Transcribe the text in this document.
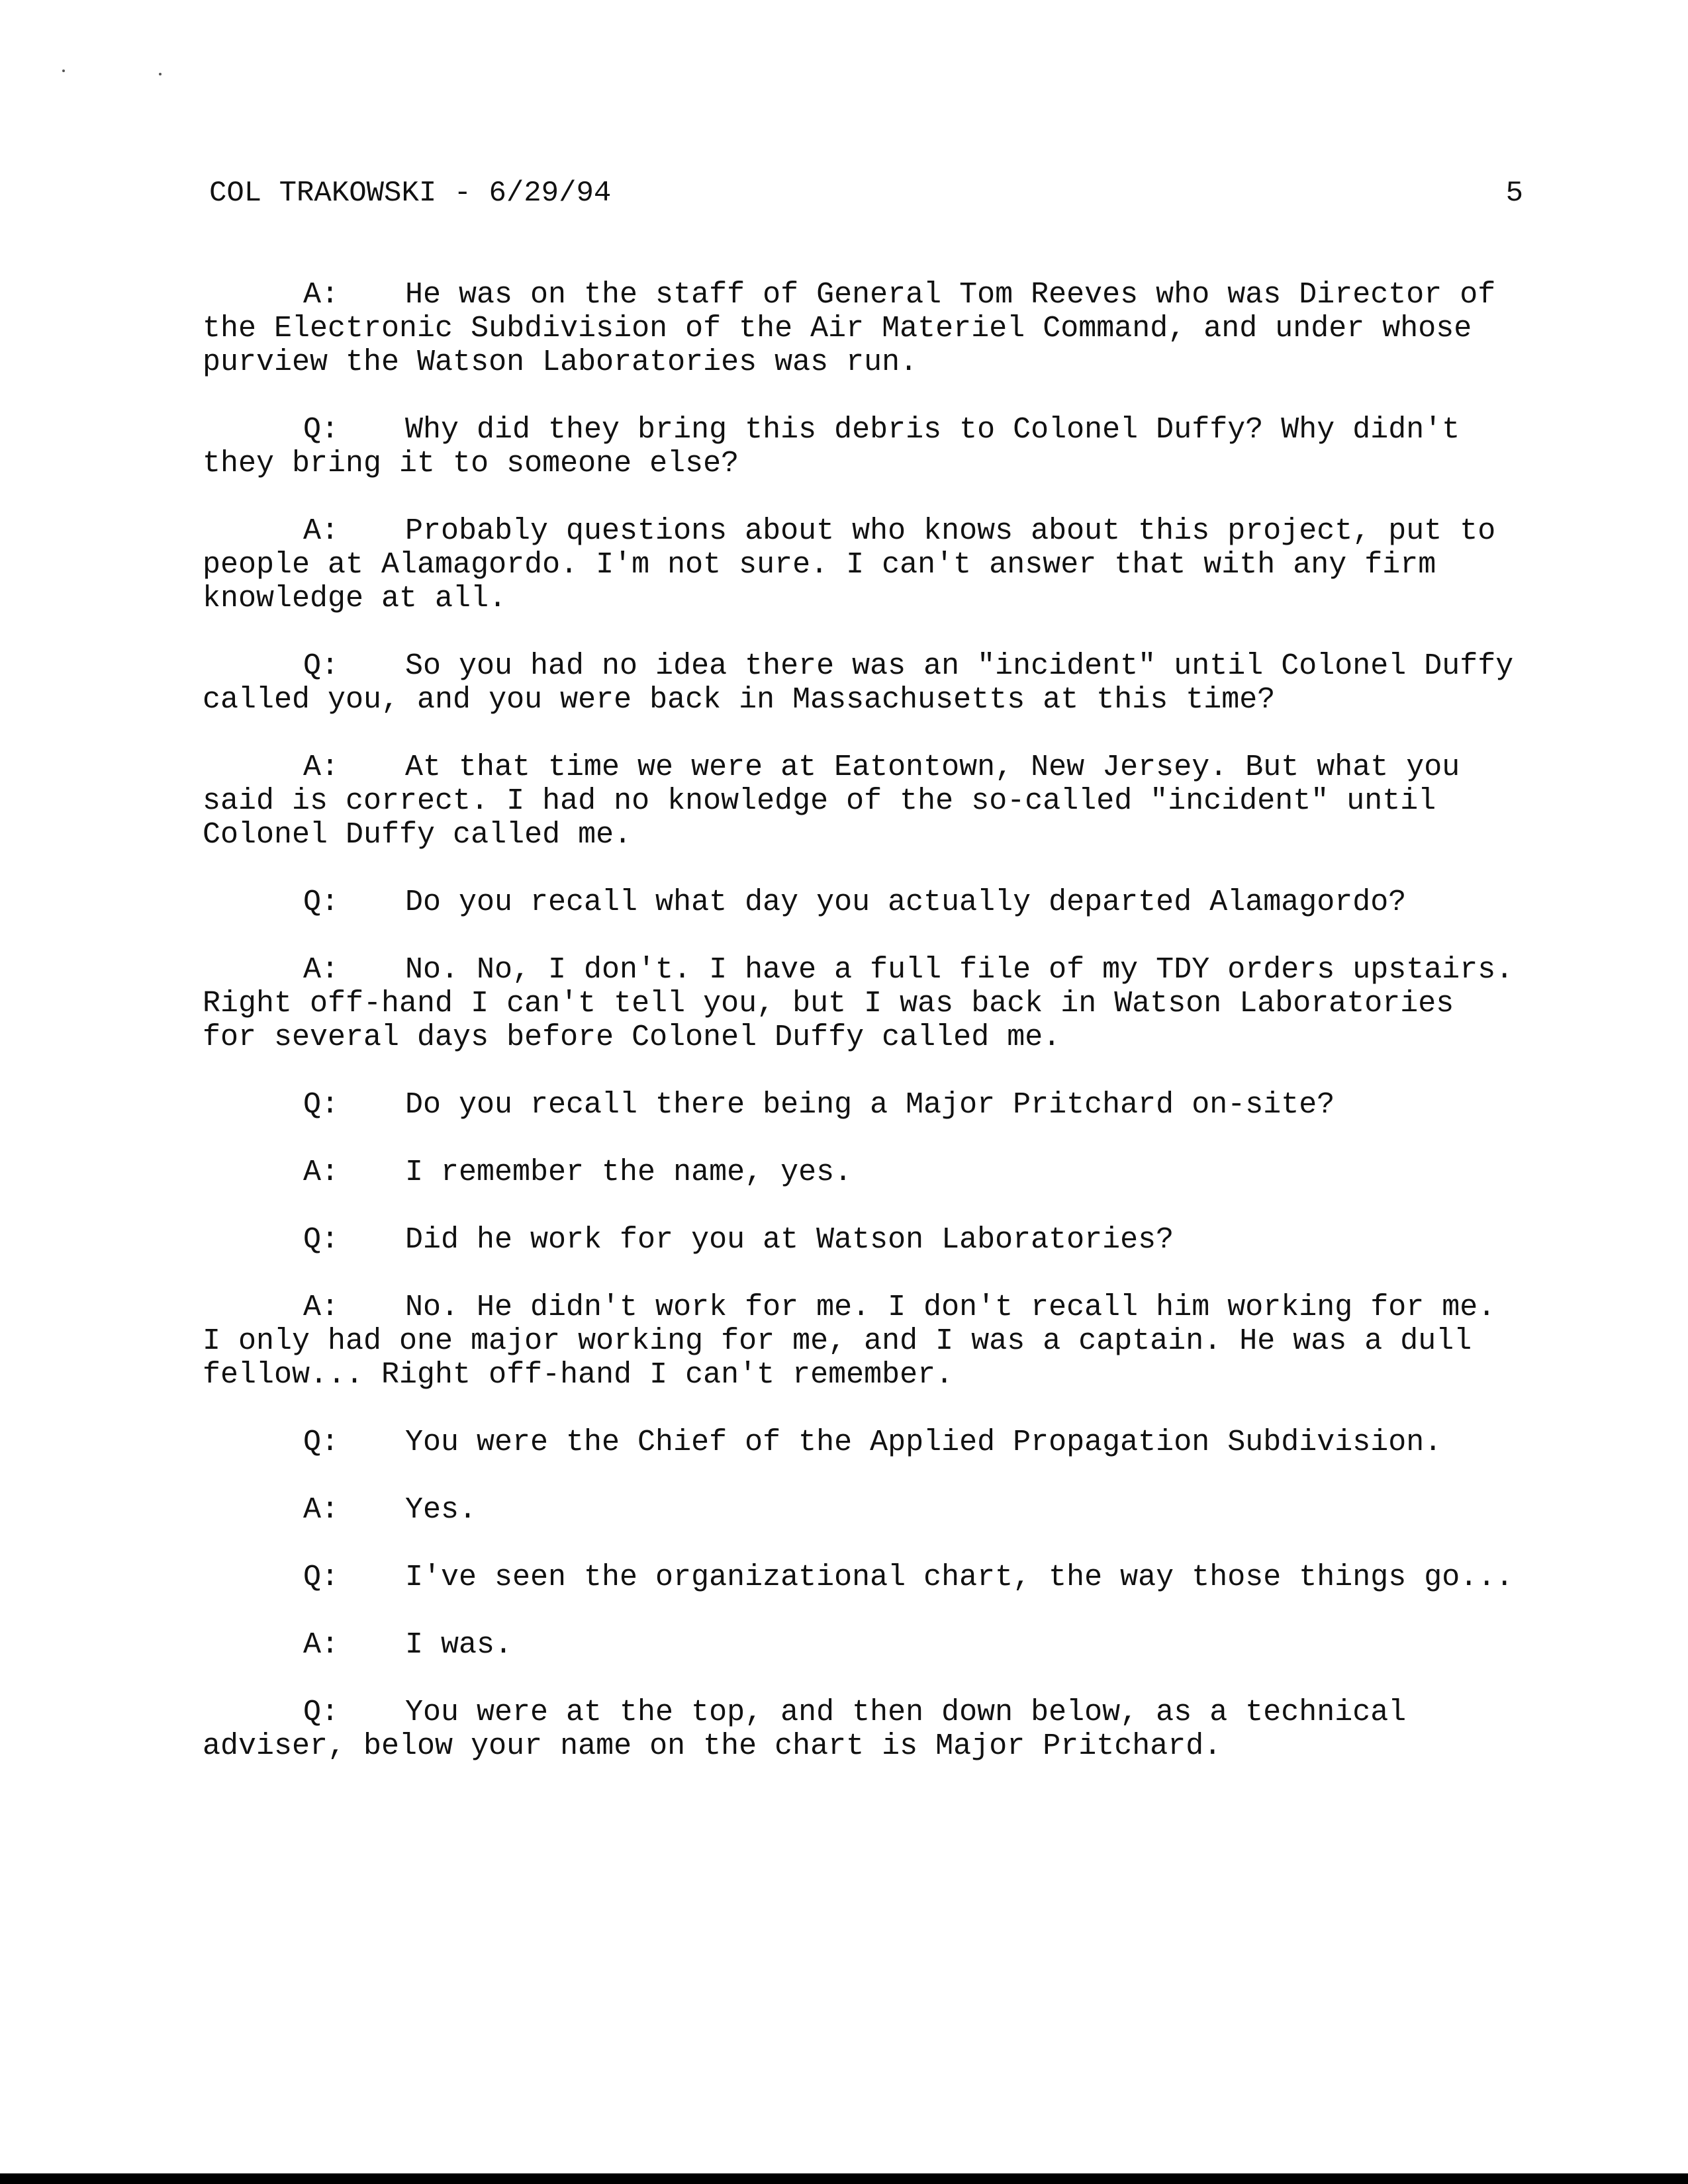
COL TRAKOWSKI - 6/29/94	5

A: He was on the staff of General Tom Reeves who was Director of the Electronic Subdivision of the Air Materiel Command, and under whose purview the Watson Laboratories was run.

Q: Why did they bring this debris to Colonel Duffy? Why didn't they bring it to someone else?

A: Probably questions about who knows about this project, put to people at Alamagordo. I'm not sure. I can't answer that with any firm knowledge at all.

Q: So you had no idea there was an "incident" until Colonel Duffy called you, and you were back in Massachusetts at this time?

A: At that time we were at Eatontown, New Jersey. But what you said is correct. I had no knowledge of the so-called "incident" until Colonel Duffy called me.

Q: Do you recall what day you actually departed Alamagordo?

A: No. No, I don't. I have a full file of my TDY orders upstairs. Right off-hand I can't tell you, but I was back in Watson Laboratories for several days before Colonel Duffy called me.

Q: Do you recall there being a Major Pritchard on-site?

A: I remember the name, yes.

Q: Did he work for you at Watson Laboratories?

A: No. He didn't work for me. I don't recall him working for me. I only had one major working for me, and I was a captain. He was a dull fellow... Right off-hand I can't remember.

Q: You were the Chief of the Applied Propagation Subdivision.

A: Yes.

Q: I've seen the organizational chart, the way those things go...

A: I was.

Q: You were at the top, and then down below, as a technical adviser, below your name on the chart is Major Pritchard.
